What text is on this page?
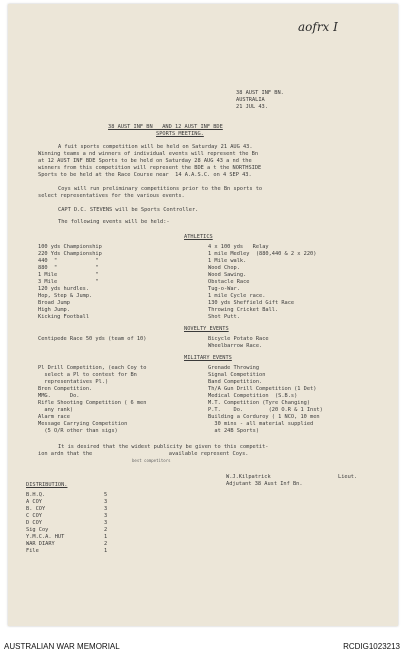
aofrx I
38 AUST INF BN.
AUSTRALIA
21 JUL 43.
38 AUST INF BN   AND 12 AUST INF BDE
SPORTS MEETING.
A fuit sports competition will be held on Saturday 21 AUG 43.
Winning teams a nd winners of individual events will represent the Bn
at 12 AUST INF BDE Sports to be held on Saturday 28 AUG 43 a nd the
winners from this competition will represent the BDE a t the NORTHSIDE
Sports to be held at the Race Course near  14 A.A.S.C. on 4 SEP 43.
Coys will run preliminary competitions prior to the Bn sports to
select representatives for the various events.
CAPT D.C. STEVENS will be Sports Controller.
The following events will be held:-
ATHLETICS
100 yds Championship
220 Yds Championship
440  "            "
880  "            "
1 Mile            "
3 Mile            "
120 yds hurdles.
Hop, Step & Jump.
Broad Jump
High Jump.
Kicking Football
4 x 100 yds   Relay
1 mile Medley  (880,440 & 2 x 220)
1 Mile walk.
Wood Chop.
Wood Sawing.
Obstacle Race
Tug-o-War.
1 mile Cycle race.
130 yds Sheffield Gift Race
Throwing Cricket Ball.
Shot Putt.
NOVELTY EVENTS
Centipede Race 50 yds (team of 10)	Bicycle Potato Race
Wheelbarrow Race.
MILITARY EVENTS
Pl Drill Competition, (each Coy to
select a Pl to contest for Bn
representatives Pl.)
Bren Competition.
MMG.      Do.
Rifle Shooting Competition ( 6 men
any rank)
Alarm race
Message Carrying Competition
(5 O/R other than sigs)
Grenade Throwing
Signal Competition
Band Competition.
Th/A Gun Drill Competition (1 Det)
Medical Competition  (S.B.s)
M.T. Competition (Tyre Changing)
P.T.    Do.        (20 O.R & 1 Inst)
Building a Corduroy ( 1 NCO, 10 men
30 mins - all material supplied
at 24B Sports)
It is desired that the widest publicity be given to this competit-
ion ardn that the                        available represent Coys.
best competitors
W.J.Kilpatrick	Lieut.
Adjutant 38 Aust Inf Bn.
DISTRIBUTION.
B.H.Q.	5
A COY	3
B. COY	3
C COY	3
D COY	3
Sig Coy	2
Y.M.C.A. HUT	1
WAR DIARY	2
File	1
AUSTRALIAN WAR MEMORIAL	RCDIG1023213
